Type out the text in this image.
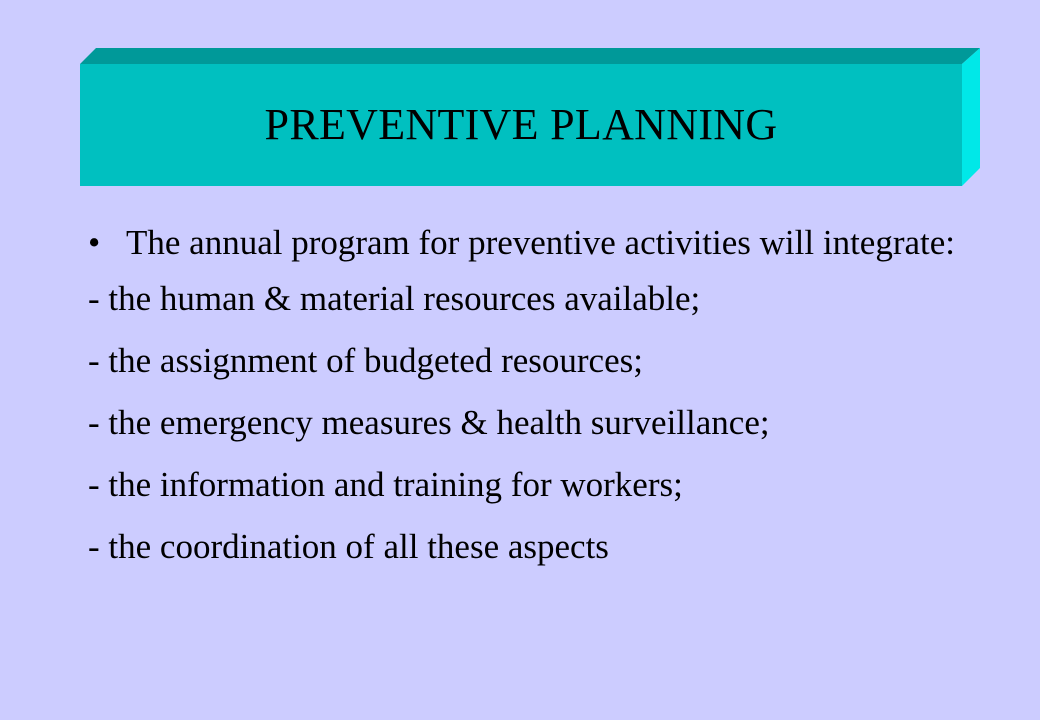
PREVENTIVE PLANNING
• The annual program for preventive activities will integrate:
- the human & material resources available;
- the assignment of budgeted resources;
- the emergency measures & health surveillance;
- the information and training for workers;
- the coordination of all these aspects
